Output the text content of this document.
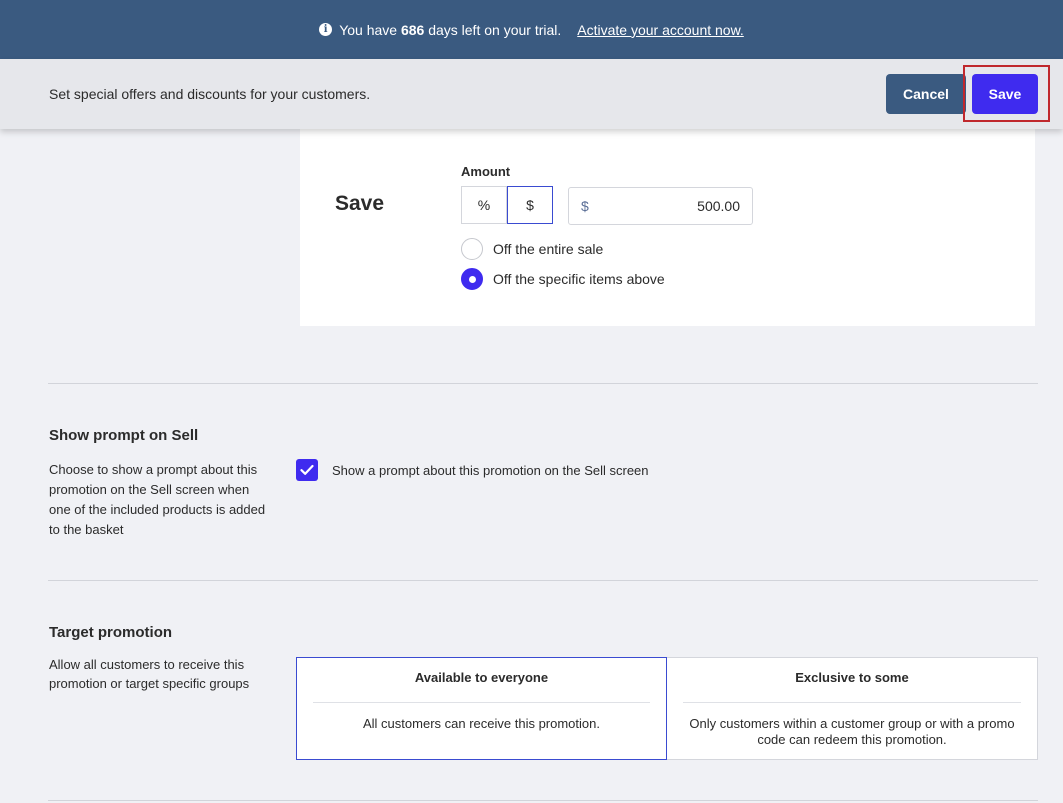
i You have
686
days left on your trial. Activate your account now.
Set special offers and discounts for your customers.	Cancel	Save
Save
Amount
%	$	$	500.00
Off the entire sale
Off the specific items above
Show prompt on Sell
Choose to show a prompt about this promotion on the Sell screen when one of the included products is added to the basket
Show a prompt about this promotion on the Sell screen
Target promotion
Allow all customers to receive this promotion or target specific groups	Available to everyone
All customers can receive this promotion.
Exclusive to some
Only customers within a customer group or with a promo code can redeem this promotion.
